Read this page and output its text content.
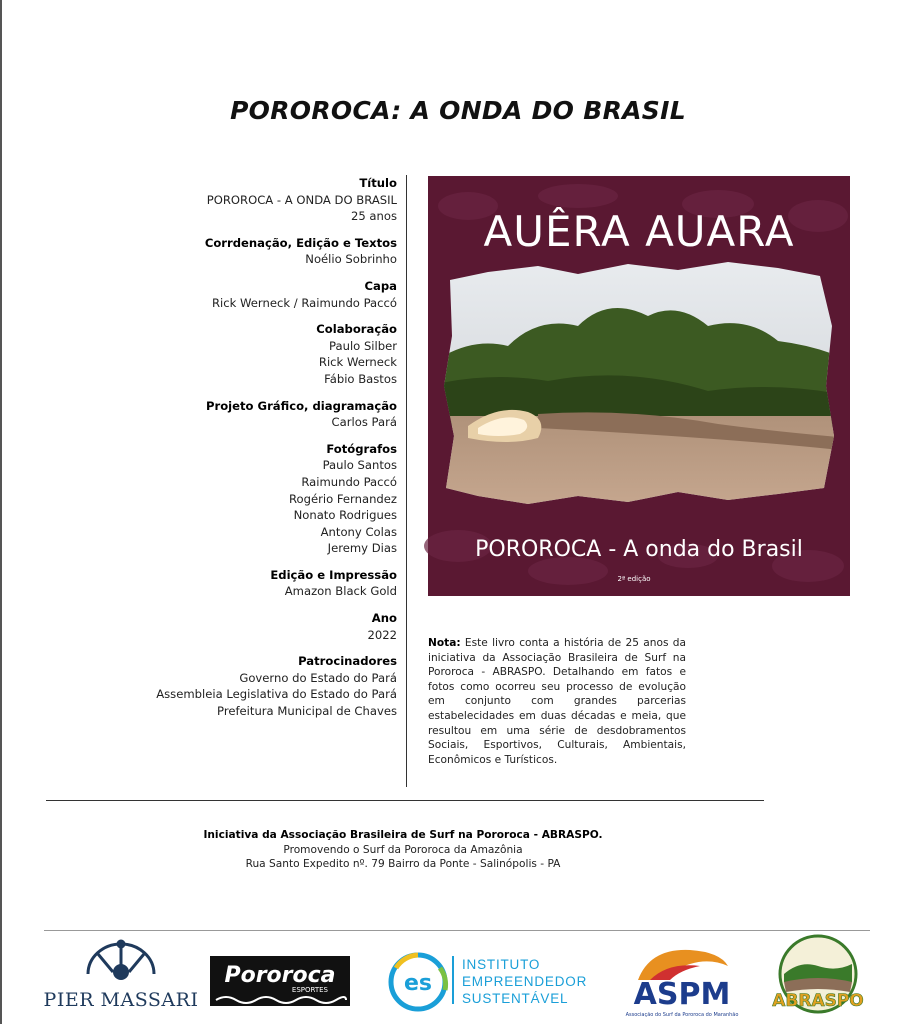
POROROCA: A ONDA DO BRASIL
Título
POROROCA - A ONDA DO BRASIL
25 anos
Corrdenação, Edição e Textos
Noélio Sobrinho
Capa
Rick Werneck / Raimundo Paccó
Colaboração
Paulo Silber
Rick Werneck
Fábio Bastos
Projeto Gráfico, diagramação
Carlos Pará
Fotógrafos
Paulo Santos
Raimundo Paccó
Rogério Fernandez
Nonato Rodrigues
Antony Colas
Jeremy Dias
Edição e Impressão
Amazon Black Gold
Ano
2022
Patrocinadores
Governo do Estado do Pará
Assembleia Legislativa do Estado do Pará
Prefeitura Municipal de Chaves
AUÊRA AUARA
POROROCA - A onda do Brasil
2ª edição
Nota: Este livro conta a história de 25 anos da iniciativa da Associação Brasileira de Surf na Pororoca - ABRASPO. Detalhando em fatos e fotos como ocorreu seu processo de evolução em conjunto com grandes parcerias estabelecidades em duas décadas e meia, que resultou em uma série de desdobramentos Sociais, Esportivos, Culturais, Ambientais, Econômicos e Turísticos.
Iniciativa da Associação Brasileira de Surf na Pororoca - ABRASPO.
Promovendo o Surf da Pororoca da Amazônia
Rua Santo Expedito nº. 79 Bairro da Ponte - Salinópolis - PA
PIER MASSARI
Pororoca
ESPORTES	es
INSTITUTO
EMPREENDEDOR
SUSTENTÁVEL	ASPM
Associação do Surf da Pororoca do Maranhão
ABRASPO
